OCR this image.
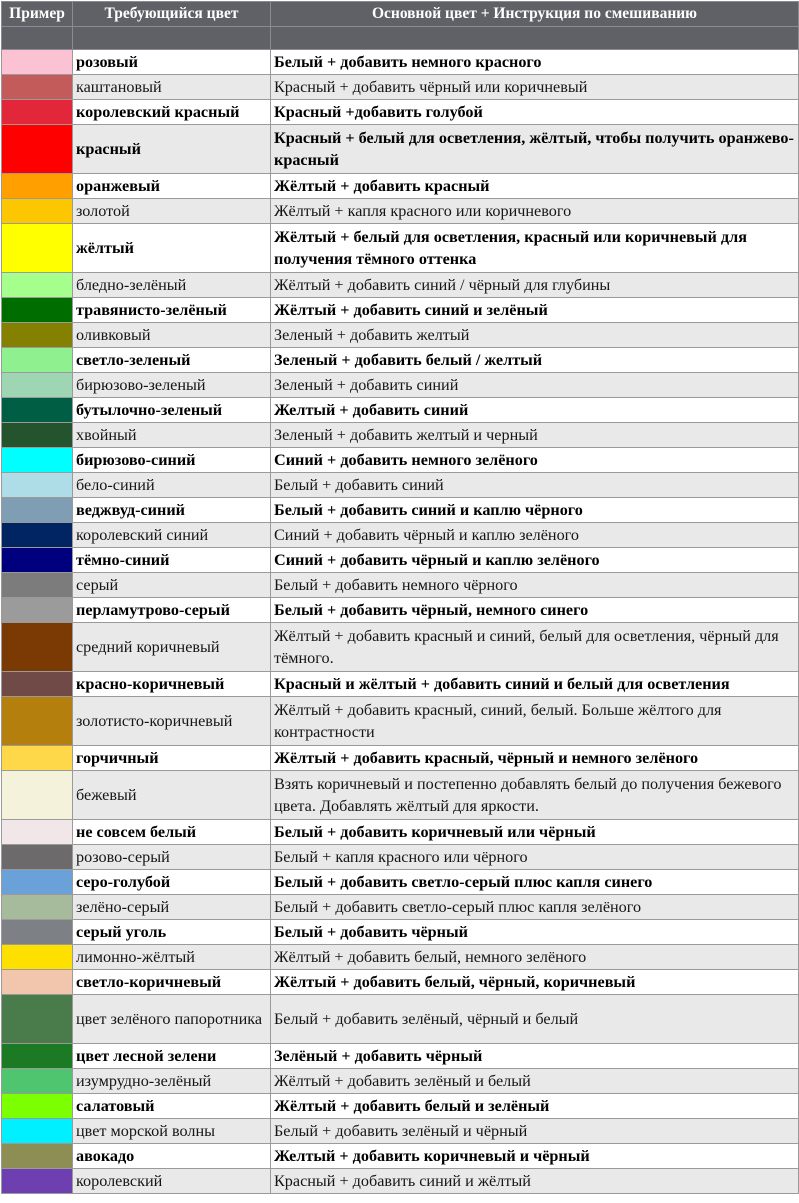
Пример	Требующийся цвет	Основной цвет + Инструкция по смешиванию

	розовый	Белый + добавить немного красного

	каштановый	Красный + добавить чёрный или коричневый

	королевский красный	Красный +добавить голубой

	красный	Красный + белый для осветления, жёлтый, чтобы получить оранжево-красный

	оранжевый	Жёлтый + добавить красный

	золотой	Жёлтый + капля красного или коричневого

	жёлтый	Жёлтый + белый для осветления, красный или коричневый для получения тёмного оттенка

	бледно-зелёный	Жёлтый + добавить синий / чёрный для глубины

	травянисто-зелёный	Жёлтый + добавить синий и зелёный

	оливковый	Зеленый + добавить желтый

	светло-зеленый	Зеленый + добавить белый / желтый

	бирюзово-зеленый	Зеленый + добавить синий

	бутылочно-зеленый	Желтый + добавить синий

	хвойный	Зеленый + добавить желтый и черный

	бирюзово-синий	Синий + добавить немного зелёного

	бело-синий	Белый + добавить синий

	веджвуд-синий	Белый + добавить синий и каплю чёрного

	королевский синий	Синий + добавить чёрный и каплю зелёного

	тёмно-синий	Синий + добавить чёрный и каплю зелёного

	серый	Белый + добавить немного чёрного

	перламутрово-серый	Белый + добавить чёрный, немного синего

	средний коричневый	Жёлтый + добавить красный и синий, белый для осветления, чёрный для тёмного.

	красно-коричневый	Красный и жёлтый + добавить синий и белый для осветления

	золотисто-коричневый	Жёлтый + добавить красный, синий, белый. Больше жёлтого для контрастности

	горчичный	Жёлтый + добавить красный, чёрный и немного зелёного

	бежевый	Взять коричневый и постепенно добавлять белый до получения бежевого цвета. Добавлять жёлтый для яркости.

	не совсем белый	Белый + добавить коричневый или чёрный

	розово-серый	Белый + капля красного или чёрного

	серо-голубой	Белый + добавить светло-серый плюс капля синего

	зелёно-серый	Белый + добавить светло-серый плюс капля зелёного

	серый уголь	Белый + добавить чёрный

	лимонно-жёлтый	Жёлтый + добавить белый, немного зелёного

	светло-коричневый	Жёлтый + добавить белый, чёрный, коричневый

	цвет зелёного папоротника	Белый + добавить зелёный, чёрный и белый

	цвет лесной зелени	Зелёный + добавить чёрный

	изумрудно-зелёный	Жёлтый + добавить зелёный и белый

	салатовый	Жёлтый + добавить белый и зелёный

	цвет морской волны	Белый + добавить зелёный и чёрный

	авокадо	Желтый + добавить коричневый и чёрный

	королевский	Красный + добавить синий и жёлтый
